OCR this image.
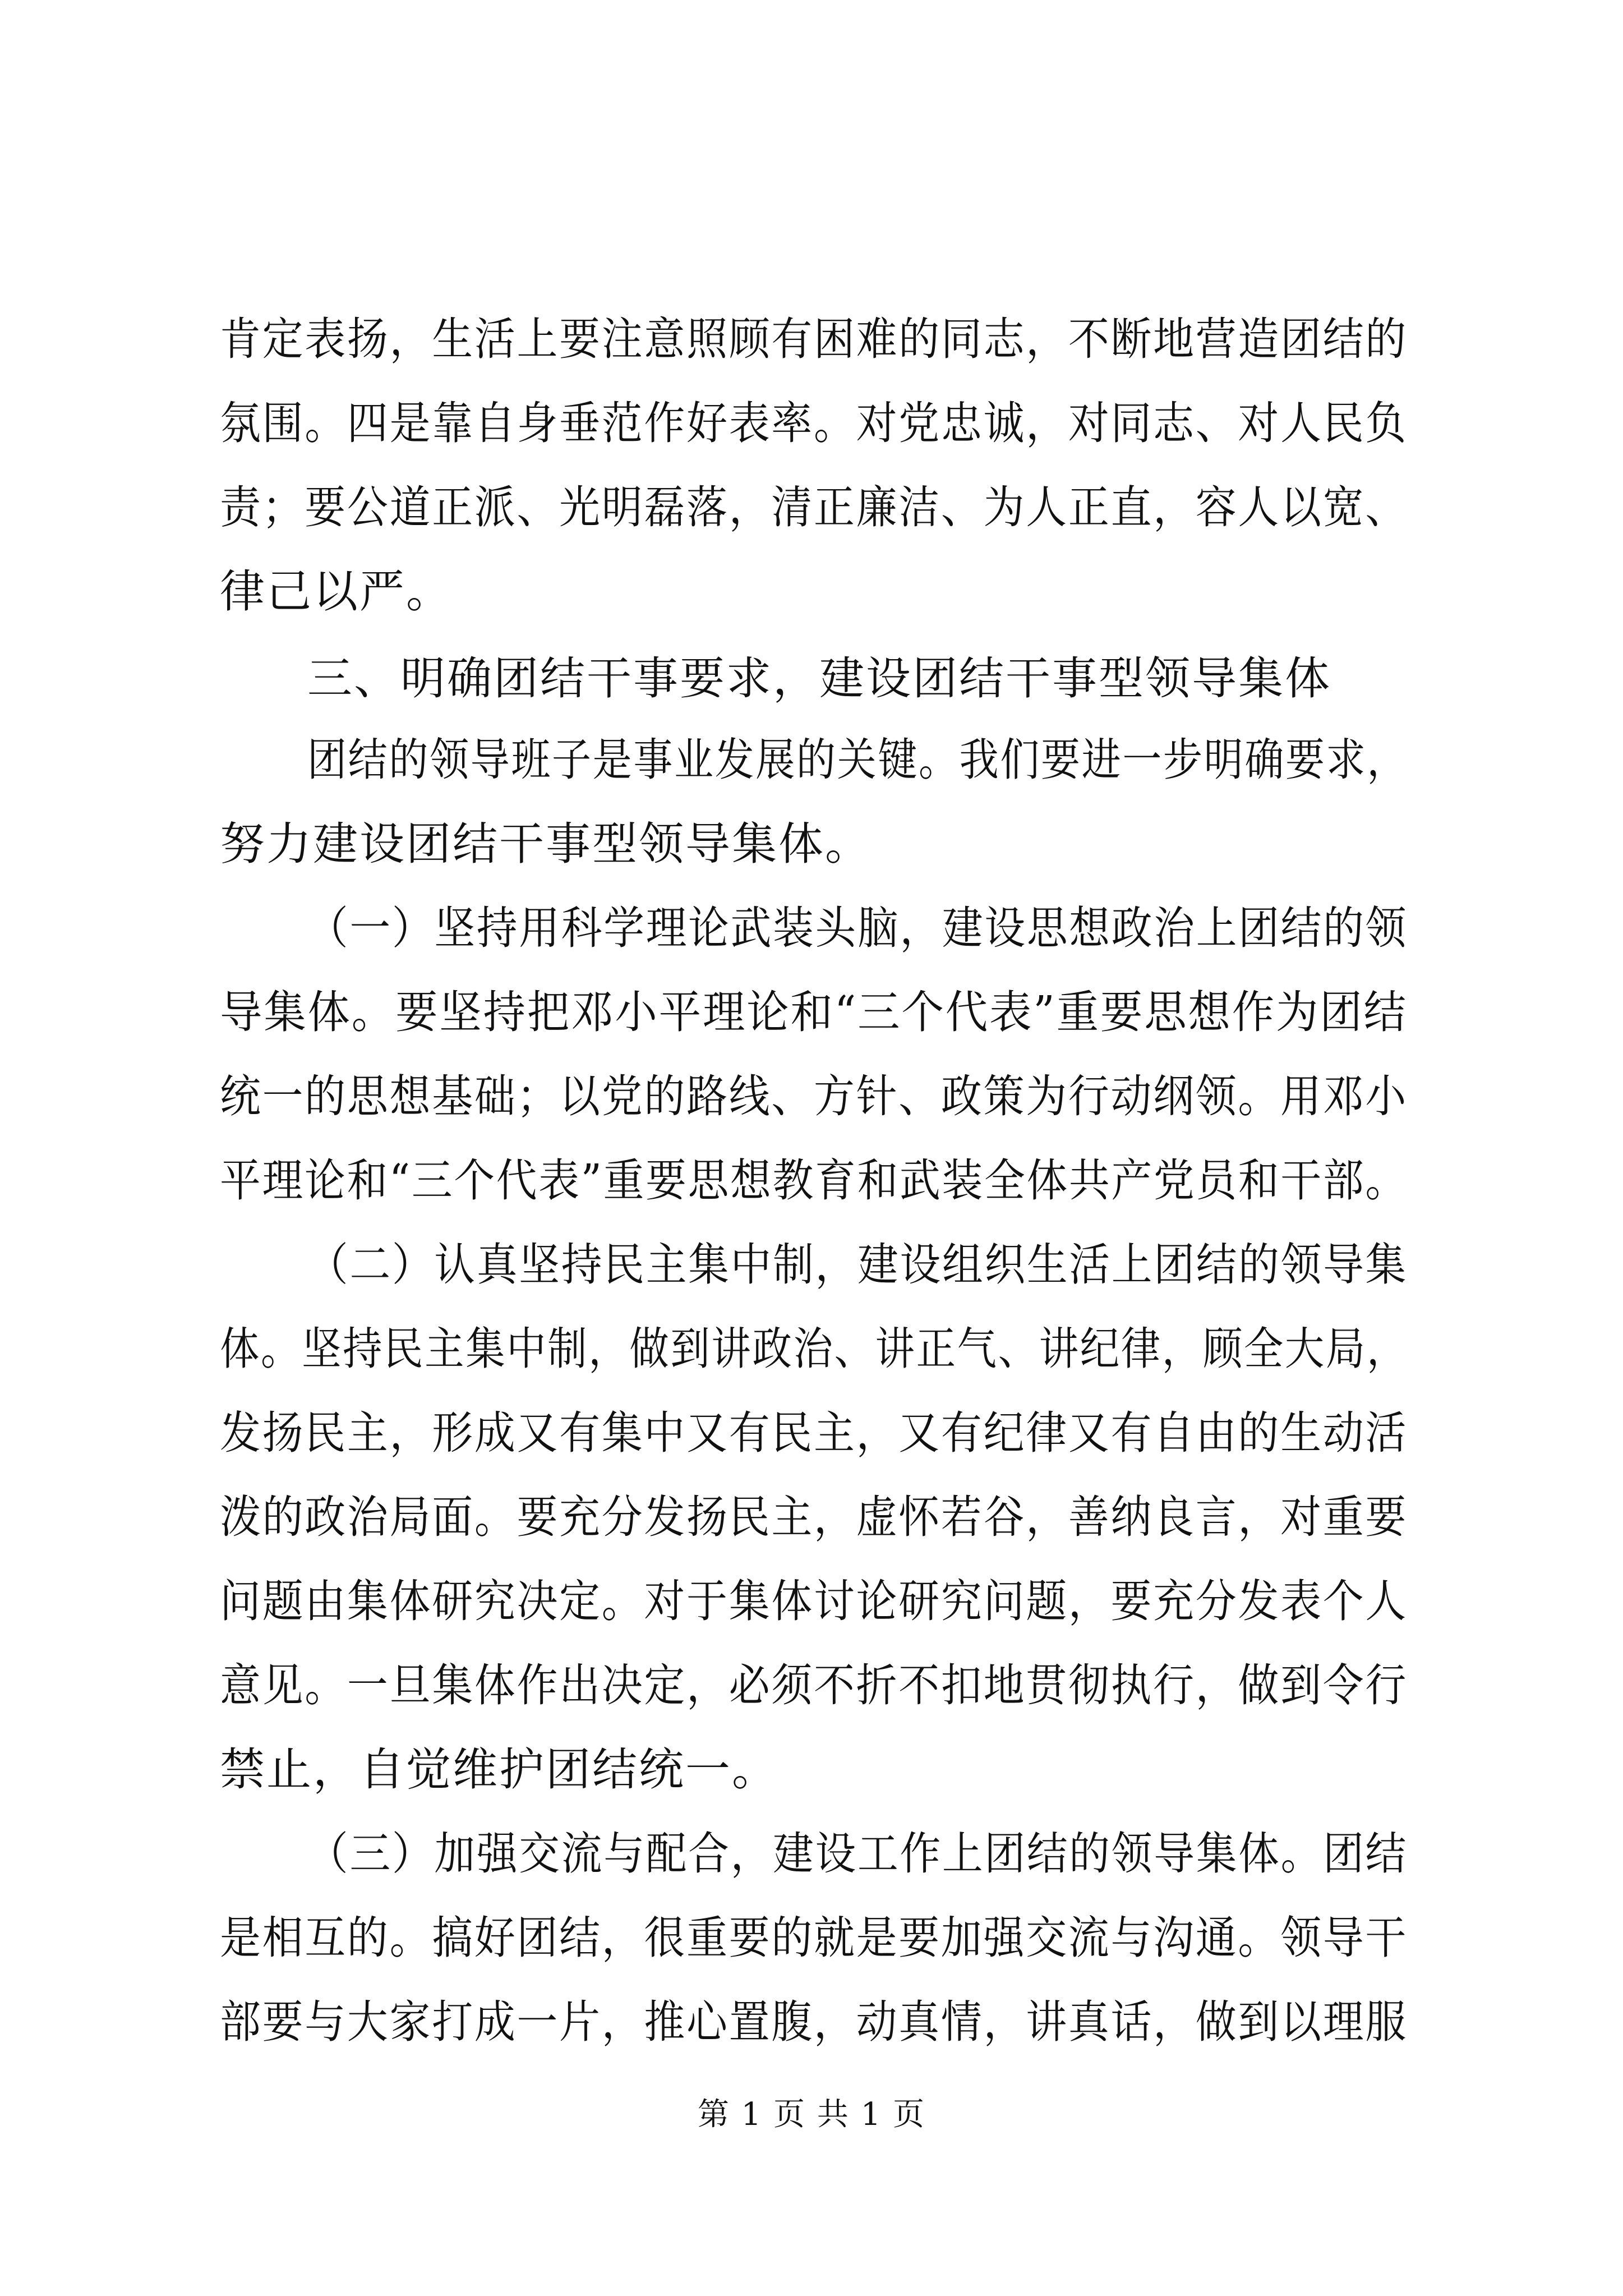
肯定表扬，生活上要注意照顾有困难的同志，不断地营造团结的
氛围。四是靠自身垂范作好表率。对党忠诚，对同志、对人民负
责；要公道正派、光明磊落，清正廉洁、为人正直，容人以宽、
律己以严。
三、明确团结干事要求，建设团结干事型领导集体
团结的领导班子是事业发展的关键。我们要进一步明确要求，
努力建设团结干事型领导集体。
（一）坚持用科学理论武装头脑，建设思想政治上团结的领
导集体。要坚持把邓小平理论和“三个代表”重要思想作为团结
统一的思想基础；以党的路线、方针、政策为行动纲领。用邓小
平理论和“三个代表”重要思想教育和武装全体共产党员和干部。
（二）认真坚持民主集中制，建设组织生活上团结的领导集
体。坚持民主集中制，做到讲政治、讲正气、讲纪律，顾全大局，
发扬民主，形成又有集中又有民主，又有纪律又有自由的生动活
泼的政治局面。要充分发扬民主，虚怀若谷，善纳良言，对重要
问题由集体研究决定。对于集体讨论研究问题，要充分发表个人
意见。一旦集体作出决定，必须不折不扣地贯彻执行，做到令行
禁止，自觉维护团结统一。
（三）加强交流与配合，建设工作上团结的领导集体。团结
是相互的。搞好团结，很重要的就是要加强交流与沟通。领导干
部要与大家打成一片，推心置腹，动真情，讲真话，做到以理服
第 1 页 共 1 页
